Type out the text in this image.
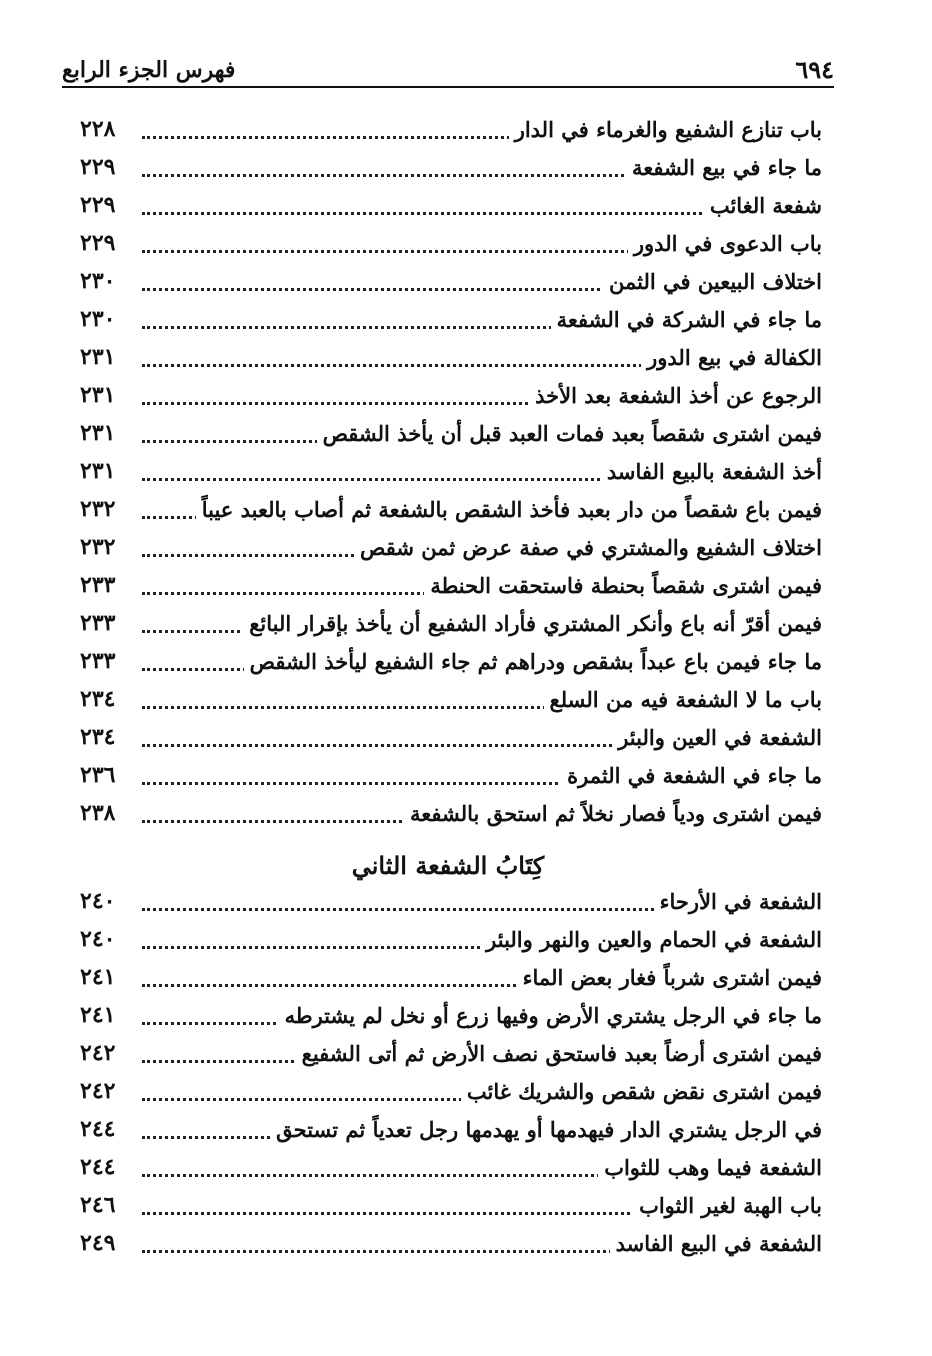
٦٩٤
فهرس الجزء الرابع
باب تنازع الشفيع والغرماء في الدار
٢٢٨
ما جاء في بيع الشفعة
٢٢٩
شفعة الغائب
٢٢٩
باب الدعوى في الدور
٢٢٩
اختلاف البيعين في الثمن
٢٣٠
ما جاء في الشركة في الشفعة
٢٣٠
الكفالة في بيع الدور
٢٣١
الرجوع عن أخذ الشفعة بعد الأخذ
٢٣١
فيمن اشترى شقصاً بعبد فمات العبد قبل أن يأخذ الشقص
٢٣١
أخذ الشفعة بالبيع الفاسد
٢٣١
فيمن باع شقصاً من دار بعبد فأخذ الشقص بالشفعة ثم أصاب بالعبد عيباً
٢٣٢
اختلاف الشفيع والمشتري في صفة عرض ثمن شقص
٢٣٢
فيمن اشترى شقصاً بحنطة فاستحقت الحنطة
٢٣٣
فيمن أقرّ أنه باع وأنكر المشتري فأراد الشفيع أن يأخذ بإقرار البائع
٢٣٣
ما جاء فيمن باع عبداً بشقص ودراهم ثم جاء الشفيع ليأخذ الشقص
٢٣٣
باب ما لا الشفعة فيه من السلع
٢٣٤
الشفعة في العين والبئر
٢٣٤
ما جاء في الشفعة في الثمرة
٢٣٦
فيمن اشترى ودياً فصار نخلاً ثم استحق بالشفعة
٢٣٨
كِتَابُ الشفعة الثاني
الشفعة في الأرحاء
٢٤٠
الشفعة في الحمام والعين والنهر والبئر
٢٤٠
فيمن اشترى شرباً فغار بعض الماء
٢٤١
ما جاء في الرجل يشتري الأرض وفيها زرع أو نخل لم يشترطه
٢٤١
فيمن اشترى أرضاً بعبد فاستحق نصف الأرض ثم أتى الشفيع
٢٤٢
فيمن اشترى نقض شقص والشريك غائب
٢٤٢
في الرجل يشتري الدار فيهدمها أو يهدمها رجل تعدياً ثم تستحق
٢٤٤
الشفعة فيما وهب للثواب
٢٤٤
باب الهبة لغير الثواب
٢٤٦
الشفعة في البيع الفاسد
٢٤٩
